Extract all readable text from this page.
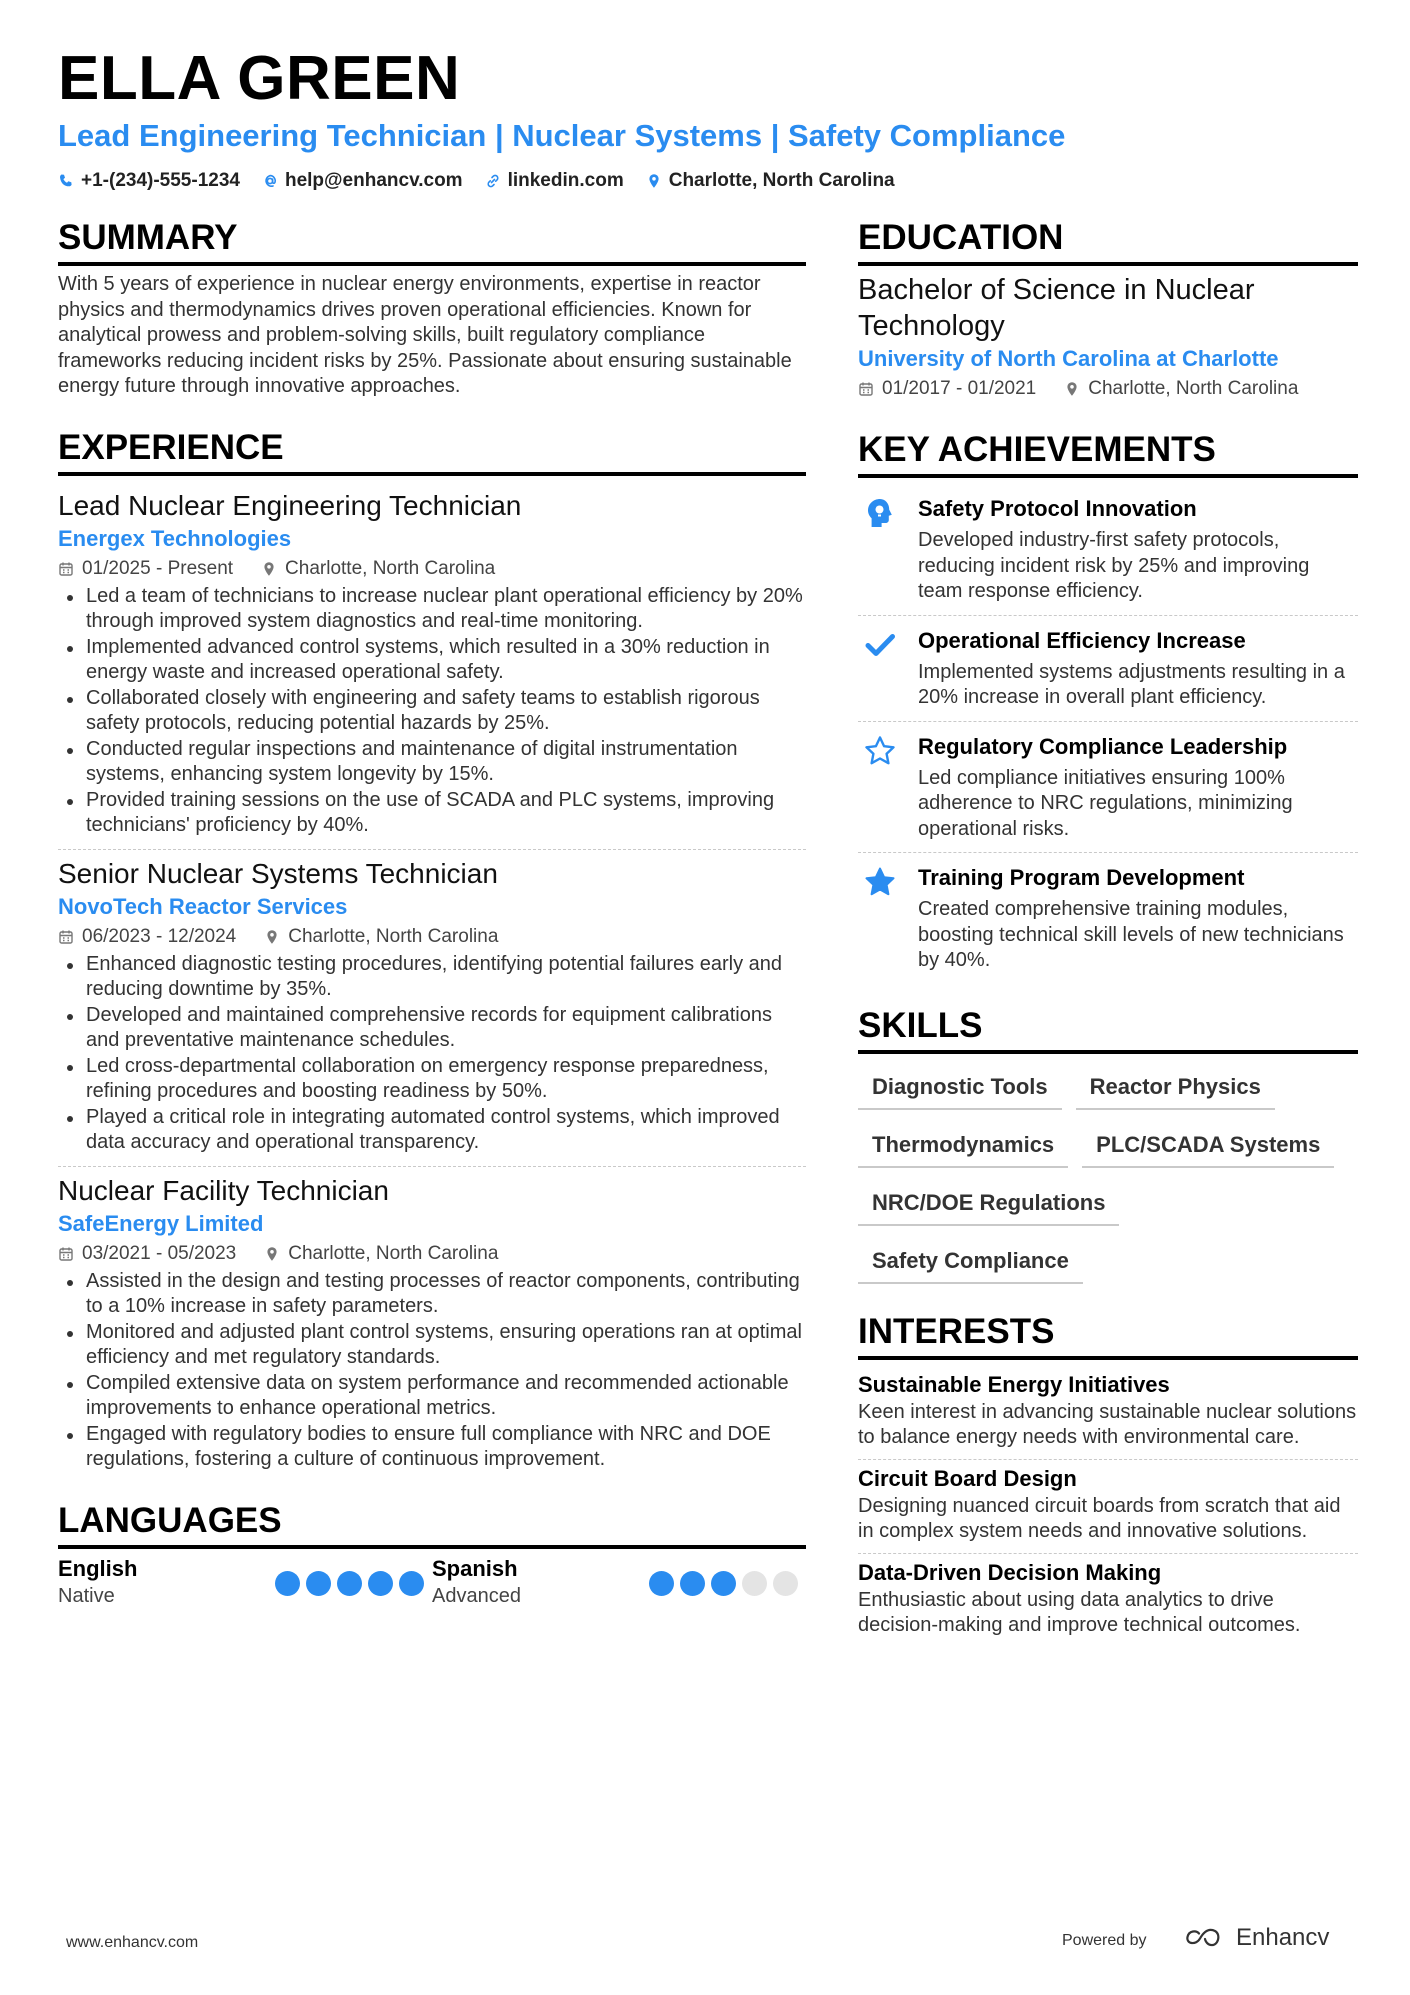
ELLA GREEN
Lead Engineering Technician | Nuclear Systems | Safety Compliance
+1-(234)-555-1234 help@enhancv.com linkedin.com Charlotte, North Carolina
SUMMARY
With 5 years of experience in nuclear energy environments, expertise in reactor physics and thermodynamics drives proven operational efficiencies. Known for analytical prowess and problem-solving skills, built regulatory compliance frameworks reducing incident risks by 25%. Passionate about ensuring sustainable energy future through innovative approaches.
EXPERIENCE
Lead Nuclear Engineering Technician
Energex Technologies
01/2025 - Present	Charlotte, North Carolina
Led a team of technicians to increase nuclear plant operational efficiency by 20% through improved system diagnostics and real-time monitoring.
Implemented advanced control systems, which resulted in a 30% reduction in energy waste and increased operational safety.
Collaborated closely with engineering and safety teams to establish rigorous safety protocols, reducing potential hazards by 25%.
Conducted regular inspections and maintenance of digital instrumentation systems, enhancing system longevity by 15%.
Provided training sessions on the use of SCADA and PLC systems, improving technicians' proficiency by 40%.
Senior Nuclear Systems Technician
NovoTech Reactor Services
06/2023 - 12/2024	Charlotte, North Carolina
Enhanced diagnostic testing procedures, identifying potential failures early and reducing downtime by 35%.
Developed and maintained comprehensive records for equipment calibrations and preventative maintenance schedules.
Led cross-departmental collaboration on emergency response preparedness, refining procedures and boosting readiness by 50%.
Played a critical role in integrating automated control systems, which improved data accuracy and operational transparency.
Nuclear Facility Technician
SafeEnergy Limited
03/2021 - 05/2023	Charlotte, North Carolina
Assisted in the design and testing processes of reactor components, contributing to a 10% increase in safety parameters.
Monitored and adjusted plant control systems, ensuring operations ran at optimal efficiency and met regulatory standards.
Compiled extensive data on system performance and recommended actionable improvements to enhance operational metrics.
Engaged with regulatory bodies to ensure full compliance with NRC and DOE regulations, fostering a culture of continuous improvement.
LANGUAGES
English
Native
Spanish
Advanced
EDUCATION
Bachelor of Science in Nuclear Technology
University of North Carolina at Charlotte
01/2017 - 01/2021	Charlotte, North Carolina
KEY ACHIEVEMENTS
Safety Protocol Innovation
Developed industry-first safety protocols, reducing incident risk by 25% and improving team response efficiency.
Operational Efficiency Increase
Implemented systems adjustments resulting in a 20% increase in overall plant efficiency.
Regulatory Compliance Leadership
Led compliance initiatives ensuring 100% adherence to NRC regulations, minimizing operational risks.
Training Program Development
Created comprehensive training modules, boosting technical skill levels of new technicians by 40%.
SKILLS
Diagnostic Tools	Reactor Physics
Thermodynamics	PLC/SCADA Systems
NRC/DOE Regulations
Safety Compliance
INTERESTS
Sustainable Energy Initiatives
Keen interest in advancing sustainable nuclear solutions to balance energy needs with environmental care.
Circuit Board Design
Designing nuanced circuit boards from scratch that aid in complex system needs and innovative solutions.
Data-Driven Decision Making
Enthusiastic about using data analytics to drive decision-making and improve technical outcomes.
www.enhancv.com	Powered by	Enhancv
